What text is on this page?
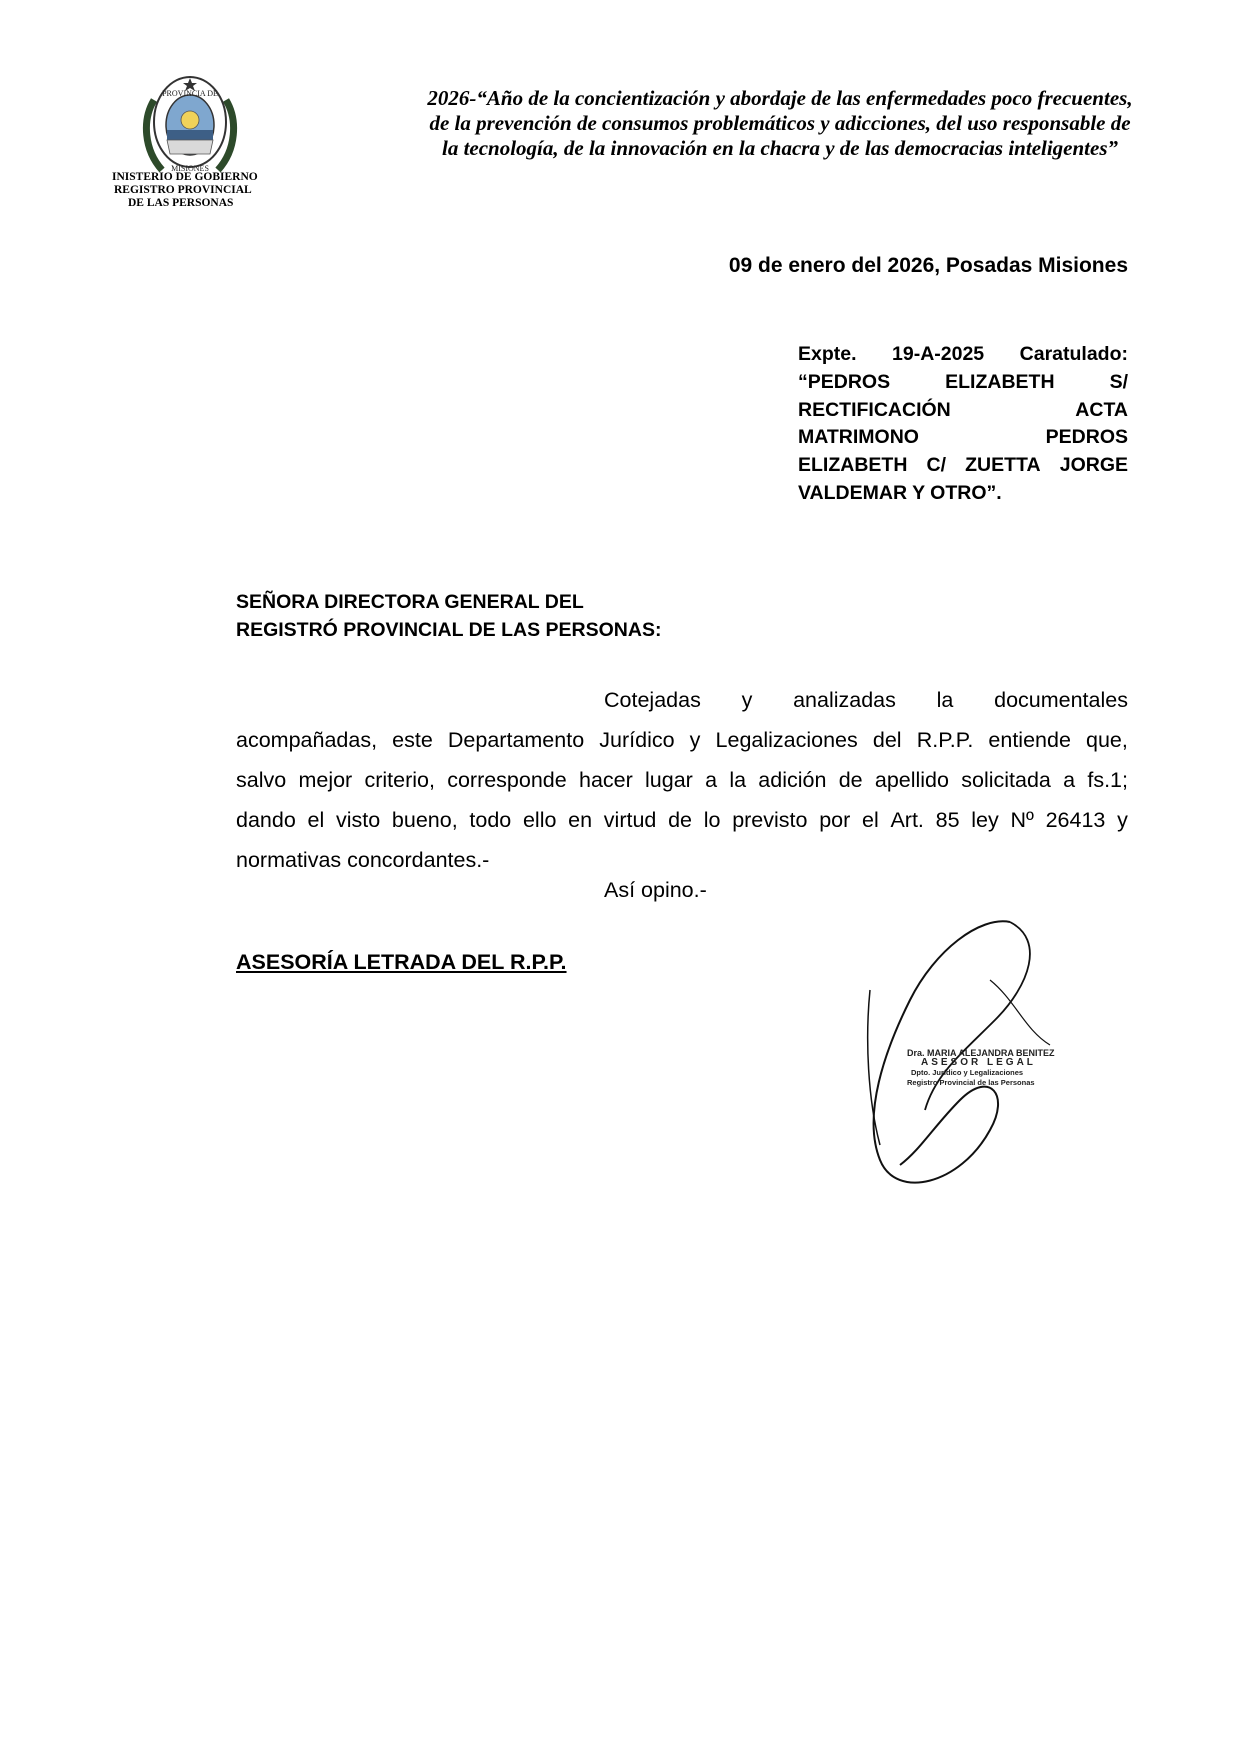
PROVINCIA DE
MISIONES
INISTERIO DE GOBIERNO
REGISTRO PROVINCIAL
DE LAS PERSONAS
2026-“Año de la concientización y abordaje de las enfermedades poco frecuentes,
de la prevención de consumos problemáticos y adicciones, del uso responsable de
la tecnología, de la innovación en la chacra y de las democracias inteligentes”
09 de enero del 2026, Posadas Misiones
Expte. 19-A-2025 Caratulado:
“PEDROS	ELIZABETH	S/
RECTIFICACIÓN	ACTA
MATRIMONO	PEDROS
ELIZABETH C/ ZUETTA JORGE
VALDEMAR Y OTRO”.
SEÑORA DIRECTORA GENERAL DEL
REGISTRÓ PROVINCIAL DE LAS PERSONAS:
Cotejadas y analizadas la documentales
acompañadas, este Departamento Jurídico y Legalizaciones del R.P.P. entiende que,
salvo mejor criterio, corresponde hacer lugar a la adición de apellido solicitada a fs.1;
dando el visto bueno, todo ello en virtud de lo previsto por el Art. 85 ley Nº 26413 y
normativas concordantes.-
Así opino.-
ASESORÍA LETRADA DEL R.P.P.
Dra. MARIA ALEJANDRA BENITEZ
ASESOR LEGAL
Dpto. Jurídico y Legalizaciones
Registro Provincial de las Personas
